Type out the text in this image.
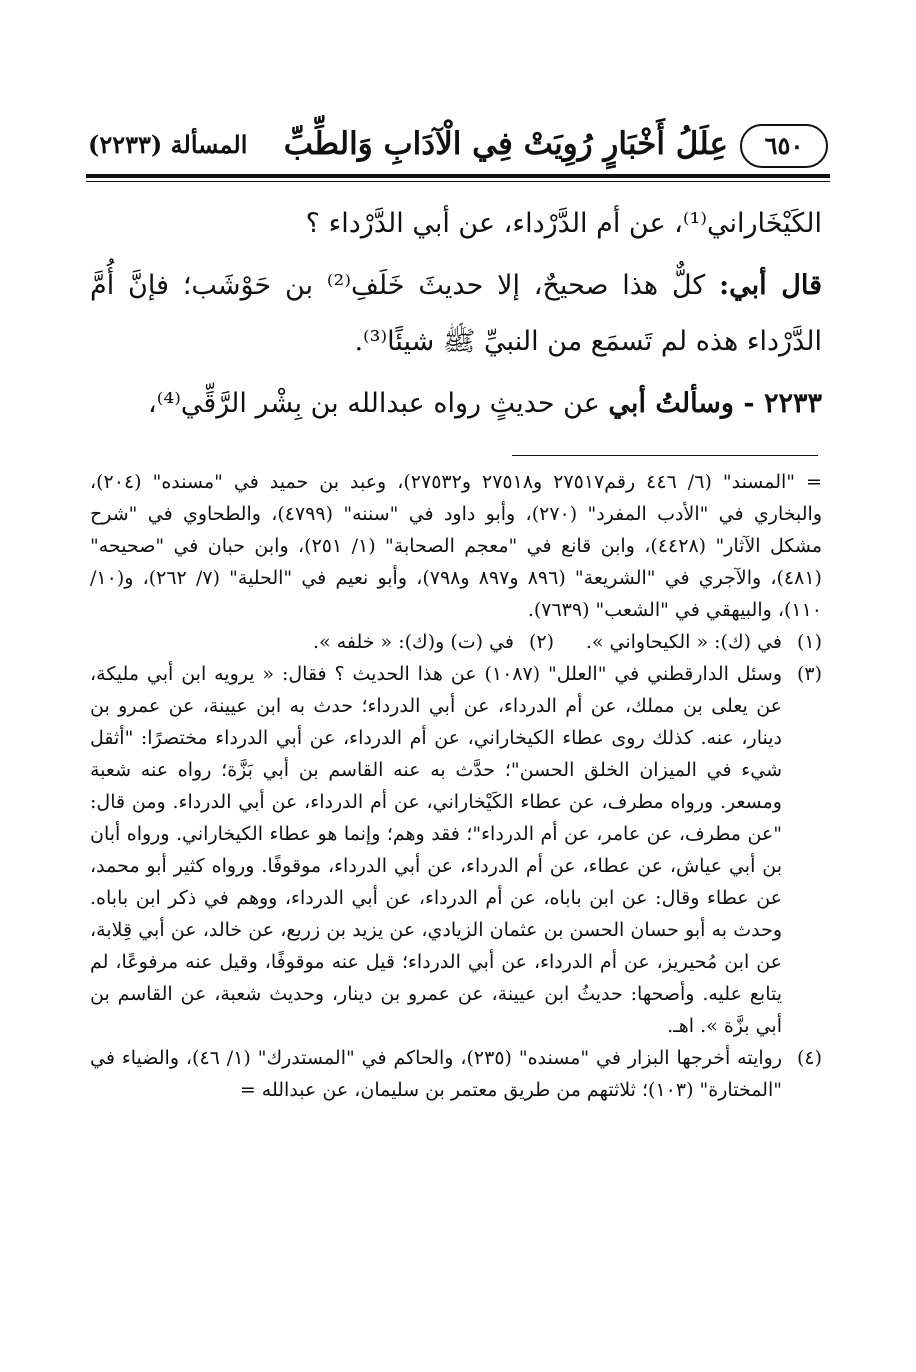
٦٥٠
عِلَلُ أَخْبَارٍ رُوِيَتْ فِي الْآدَابِ وَالطِّبِّ
المسألة (٢٢٣٣)

الكَيْخَاراني⁽¹⁾، عن أم الدَّرْداء، عن أبي الدَّرْداء ؟

قال أبي: كلٌّ هذا صحيحٌ، إلا حديثَ خَلَفِ⁽²⁾ بن حَوْشَب؛ فإنَّ أُمَّ الدَّرْداء هذه لم تَسمَع من النبيِّ ﷺ شيئًا⁽³⁾.

٢٢٣٣ - وسألتُ أبي عن حديثٍ رواه عبدالله بن بِشْر الرَّقِّي⁽⁴⁾،

= "المسند" (٦/ ٤٤٦ رقم٢٧٥١٧ و٢٧٥١٨ و٢٧٥٣٢)، وعبد بن حميد في "مسنده" (٢٠٤)، والبخاري في "الأدب المفرد" (٢٧٠)، وأبو داود في "سننه" (٤٧٩٩)، والطحاوي في "شرح مشكل الآثار" (٤٤٢٨)، وابن قانع في "معجم الصحابة" (١/ ٢٥١)، وابن حبان في "صحيحه" (٤٨١)، والآجري في "الشريعة" (٨٩٦ و٨٩٧ و٧٩٨)، وأبو نعيم في "الحلية" (٧/ ٢٦٢)، و(١٠/ ١١٠)، والبيهقي في "الشعب" (٧٦٣٩).

(١)
في (ك): « الكيحاواني ».
(٢)
في (ت) و(ك): « خلفه ».
(٣)
وسئل الدارقطني في "العلل" (١٠٨٧) عن هذا الحديث ؟ فقال: « يرويه ابن أبي مليكة، عن يعلى بن مملك، عن أم الدرداء، عن أبي الدرداء؛ حدث به ابن عيينة، عن عمرو بن دينار، عنه. كذلك روى عطاء الكيخاراني، عن أم الدرداء، عن أبي الدرداء مختصرًا: "أثقل شيء في الميزان الخلق الحسن"؛ حدَّث به عنه القاسم بن أبي بَزَّة؛ رواه عنه شعبة ومسعر. ورواه مطرف، عن عطاء الكَيْخاراني، عن أم الدرداء، عن أبي الدرداء. ومن قال: "عن مطرف، عن عامر، عن أم الدرداء"؛ فقد وهم؛ وإنما هو عطاء الكيخاراني. ورواه أبان بن أبي عياش، عن عطاء، عن أم الدرداء، عن أبي الدرداء، موقوفًا. ورواه كثير أبو محمد، عن عطاء وقال: عن ابن باباه، عن أم الدرداء، عن أبي الدرداء، ووهم في ذكر ابن باباه. وحدث به أبو حسان الحسن بن عثمان الزيادي، عن يزيد بن زريع، عن خالد، عن أبي قِلابة، عن ابن مُحيريز، عن أم الدرداء، عن أبي الدرداء؛ قيل عنه موقوفًا، وقيل عنه مرفوعًا، لم يتابع عليه. وأصحها: حديثُ ابن عيينة، عن عمرو بن دينار، وحديث شعبة، عن القاسم بن أبي بزَّة ». اهـ.
(٤)
روايته أخرجها البزار في "مسنده" (٢٣٥)، والحاكم في "المستدرك" (١/ ٤٦)، والضياء في "المختارة" (١٠٣)؛ ثلاثتهم من طريق معتمر بن سليمان، عن عبدالله =
